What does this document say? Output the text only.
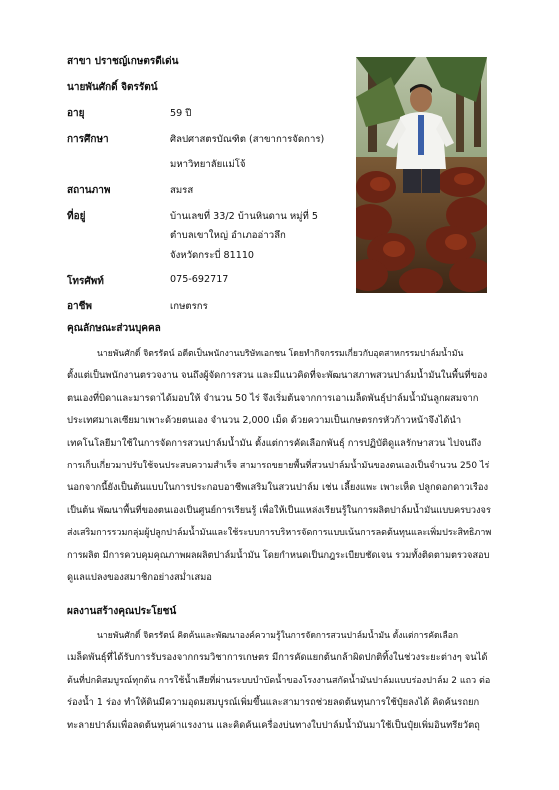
สาขา ปราชญ์เกษตรดีเด่น
นายพันศักดิ์ จิตรรัตน์
อายุ	59 ปี
การศึกษา	ศิลปศาสตรบัณฑิต (สาขาการจัดการ)
มหาวิทยาลัยแม่โจ้
สถานภาพ	สมรส
ที่อยู่	บ้านเลขที่ 33/2 บ้านหินดาน หมู่ที่ 5
ตำบลเขาใหญ่ อำเภออ่าวลึก
จังหวัดกระบี่ 81110
โทรศัพท์	075-692717
อาชีพ	เกษตรกร
คุณลักษณะส่วนบุคคล
นายพันศักดิ์ จิตรรัตน์ อดีตเป็นพนักงานบริษัทเอกชน โดยทำกิจกรรมเกี่ยวกับอุตสาหกรรมปาล์มน้ำมัน
ตั้งแต่เป็นพนักงานตรวจงาน จนถึงผู้จัดการสวน และมีแนวคิดที่จะพัฒนาสภาพสวนปาล์มน้ำมันในพื้นที่ของ
ตนเองที่บิดาและมารดาได้มอบให้ จำนวน 50 ไร่ จึงเริ่มต้นจากการเอาเมล็ดพันธุ์ปาล์มน้ำมันลูกผสมจาก
ประเทศมาเลเซียมาเพาะด้วยตนเอง จำนวน 2,000 เม็ด ด้วยความเป็นเกษตรกรหัวก้าวหน้าจึงได้นำ
เทคโนโลยีมาใช้ในการจัดการสวนปาล์มน้ำมัน ตั้งแต่การคัดเลือกพันธุ์ การปฏิบัติดูแลรักษาสวน ไปจนถึง
การเก็บเกี่ยวมาปรับใช้จนประสบความสำเร็จ สามารถขยายพื้นที่สวนปาล์มน้ำมันของตนเองเป็นจำนวน 250 ไร่
นอกจากนี้ยังเป็นต้นแบบในการประกอบอาชีพเสริมในสวนปาล์ม เช่น เลี้ยงแพะ เพาะเห็ด ปลูกดอกดาวเรือง
เป็นต้น พัฒนาพื้นที่ของตนเองเป็นศูนย์การเรียนรู้ เพื่อให้เป็นแหล่งเรียนรู้ในการผลิตปาล์มน้ำมันแบบครบวงจร
ส่งเสริมการรวมกลุ่มผู้ปลูกปาล์มน้ำมันและใช้ระบบการบริหารจัดการแบบเน้นการลดต้นทุนและเพิ่มประสิทธิภาพ
การผลิต มีการควบคุมคุณภาพผลผลิตปาล์มน้ำมัน โดยกำหนดเป็นกฎระเบียบชัดเจน รวมทั้งติดตามตรวจสอบ
ดูแลแปลงของสมาชิกอย่างสม่ำเสมอ
ผลงานสร้างคุณประโยชน์
นายพันศักดิ์ จิตรรัตน์ คิดค้นและพัฒนาองค์ความรู้ในการจัดการสวนปาล์มน้ำมัน ตั้งแต่การคัดเลือก
เมล็ดพันธุ์ที่ได้รับการรับรองจากกรมวิชาการเกษตร มีการคัดแยกต้นกล้าผิดปกติทิ้งในช่วงระยะต่างๆ จนได้
ต้นที่ปกติสมบูรณ์ทุกต้น การใช้น้ำเสียที่ผ่านระบบบำบัดน้ำของโรงงานสกัดน้ำมันปาล์มแบบร่องปาล์ม 2 แถว ต่อ
ร่องน้ำ 1 ร่อง ทำให้ดินมีความอุดมสมบูรณ์เพิ่มขึ้นและสามารถช่วยลดต้นทุนการใช้ปุ๋ยลงได้ คิดค้นรถยก
ทะลายปาล์มเพื่อลดต้นทุนค่าแรงงาน และคิดค้นเครื่องบ่นทางใบปาล์มน้ำมันมาใช้เป็นปุ๋ยเพิ่มอินทรียวัตถุ
